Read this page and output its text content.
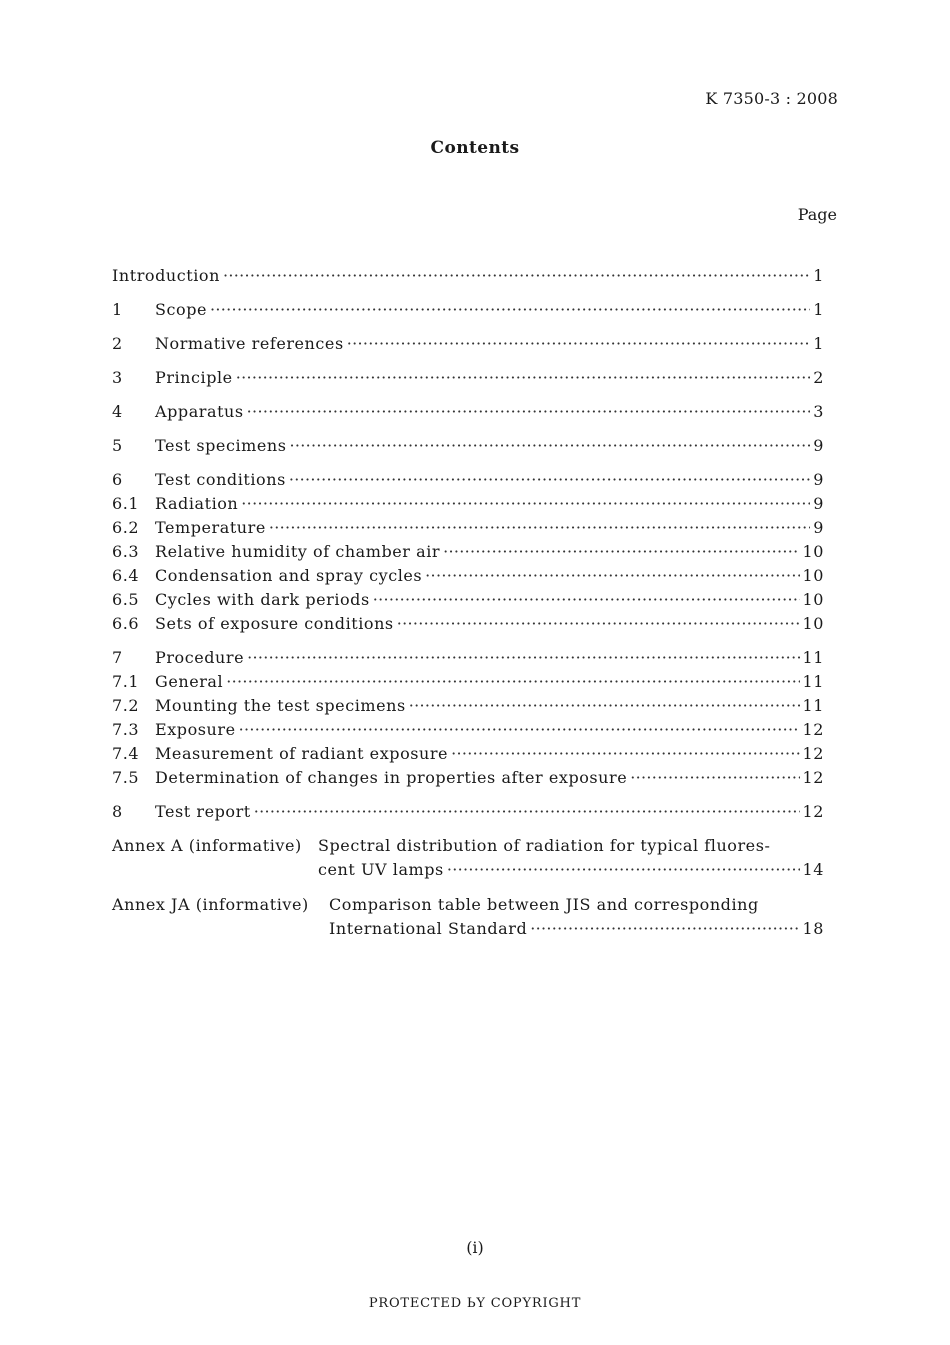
K 7350-3 : 2008
Contents
Page
Introduction ·····	1
1 Scope ·····	1
2 Normative references ·····	1
3 Principle ·····	2
4 Apparatus ·····	3
5 Test specimens ·····	9
6 Test conditions ·····	9
6.1 Radiation ·····	9
6.2 Temperature ·····	9
6.3 Relative humidity of chamber air ·····	10
6.4 Condensation and spray cycles ·····	10
6.5 Cycles with dark periods ·····	10
6.6 Sets of exposure conditions ·····	10
7 Procedure ·····	11
7.1 General ·····	11
7.2 Mounting the test specimens ·····	11
7.3 Exposure ·····	12
7.4 Measurement of radiant exposure ·····	12
7.5 Determination of changes in properties after exposure ·····	12
8 Test report ·····	12
Annex A (informative) Spectral distribution of radiation for typical fluores-
cent UV lamps ·····	14
Annex JA (informative) Comparison table between JIS and corresponding
International Standard ·····	18
(i)
PROTECTED ЬY COPYRIGHT
